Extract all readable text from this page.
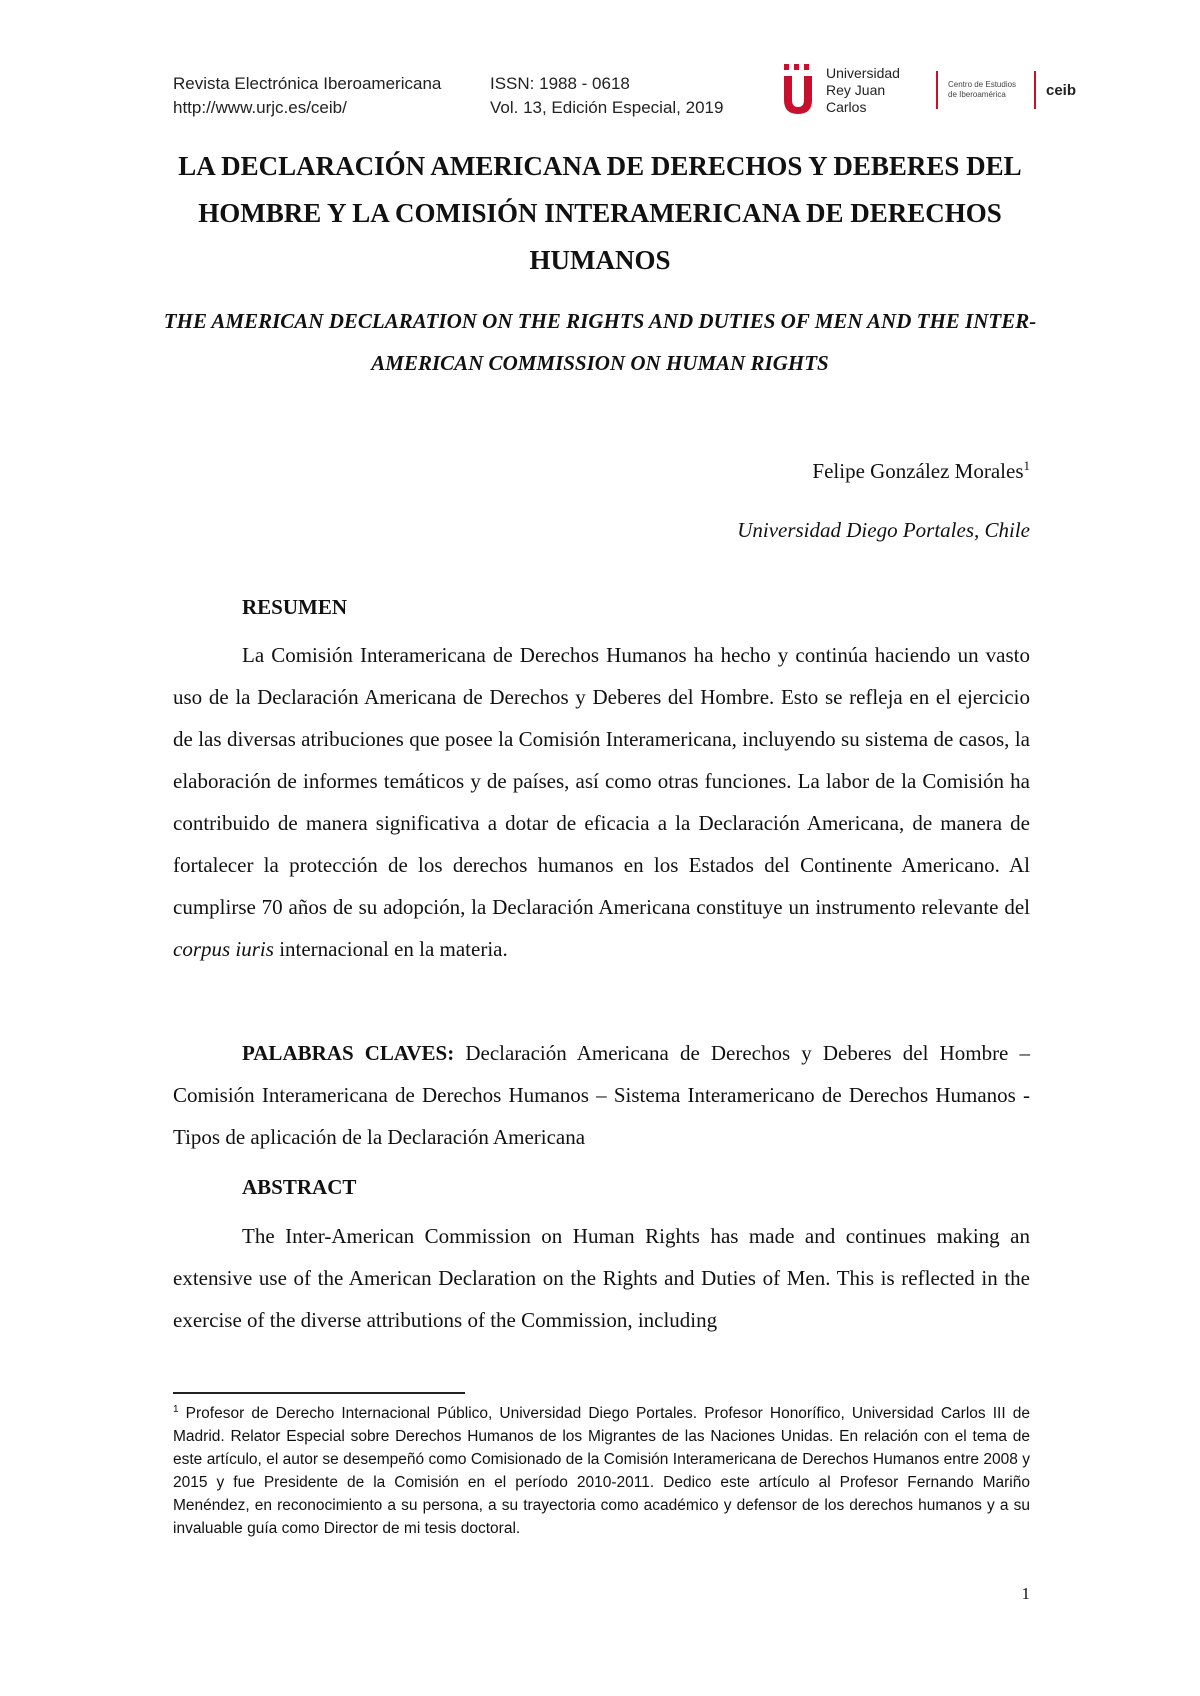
Revista Electrónica Iberoamericana
http://www.urjc.es/ceib/
ISSN: 1988 - 0618
Vol. 13, Edición Especial, 2019
Universidad Rey Juan Carlos
Centro de Estudios de Iberoamérica	ceib
LA DECLARACIÓN AMERICANA DE DERECHOS Y DEBERES DEL HOMBRE Y LA COMISIÓN INTERAMERICANA DE DERECHOS HUMANOS
THE AMERICAN DECLARATION ON THE RIGHTS AND DUTIES OF MEN AND THE INTER-AMERICAN COMMISSION ON HUMAN RIGHTS
Felipe González Morales$^1$
Universidad Diego Portales, Chile
RESUMEN

La Comisión Interamericana de Derechos Humanos ha hecho y continúa haciendo un vasto uso de la Declaración Americana de Derechos y Deberes del Hombre. Esto se refleja en el ejercicio de las diversas atribuciones que posee la Comisión Interamericana, incluyendo su sistema de casos, la elaboración de informes temáticos y de países, así como otras funciones. La labor de la Comisión ha contribuido de manera significativa a dotar de eficacia a la Declaración Americana, de manera de fortalecer la protección de los derechos humanos en los Estados del Continente Americano. Al cumplirse 70 años de su adopción, la Declaración Americana constituye un instrumento relevante del corpus iuris internacional en la materia.

PALABRAS CLAVES: Declaración Americana de Derechos y Deberes del Hombre – Comisión Interamericana de Derechos Humanos – Sistema Interamericano de Derechos Humanos - Tipos de aplicación de la Declaración Americana

ABSTRACT

The Inter-American Commission on Human Rights has made and continues making an extensive use of the American Declaration on the Rights and Duties of Men. This is reflected in the exercise of the diverse attributions of the Commission, including

$^1$ Profesor de Derecho Internacional Público, Universidad Diego Portales. Profesor Honorífico, Universidad Carlos III de Madrid. Relator Especial sobre Derechos Humanos de los Migrantes de las Naciones Unidas. En relación con el tema de este artículo, el autor se desempeñó como Comisionado de la Comisión Interamericana de Derechos Humanos entre 2008 y 2015 y fue Presidente de la Comisión en el período 2010-2011. Dedico este artículo al Profesor Fernando Mariño Menéndez, en reconocimiento a su persona, a su trayectoria como académico y defensor de los derechos humanos y a su invaluable guía como Director de mi tesis doctoral.

1
